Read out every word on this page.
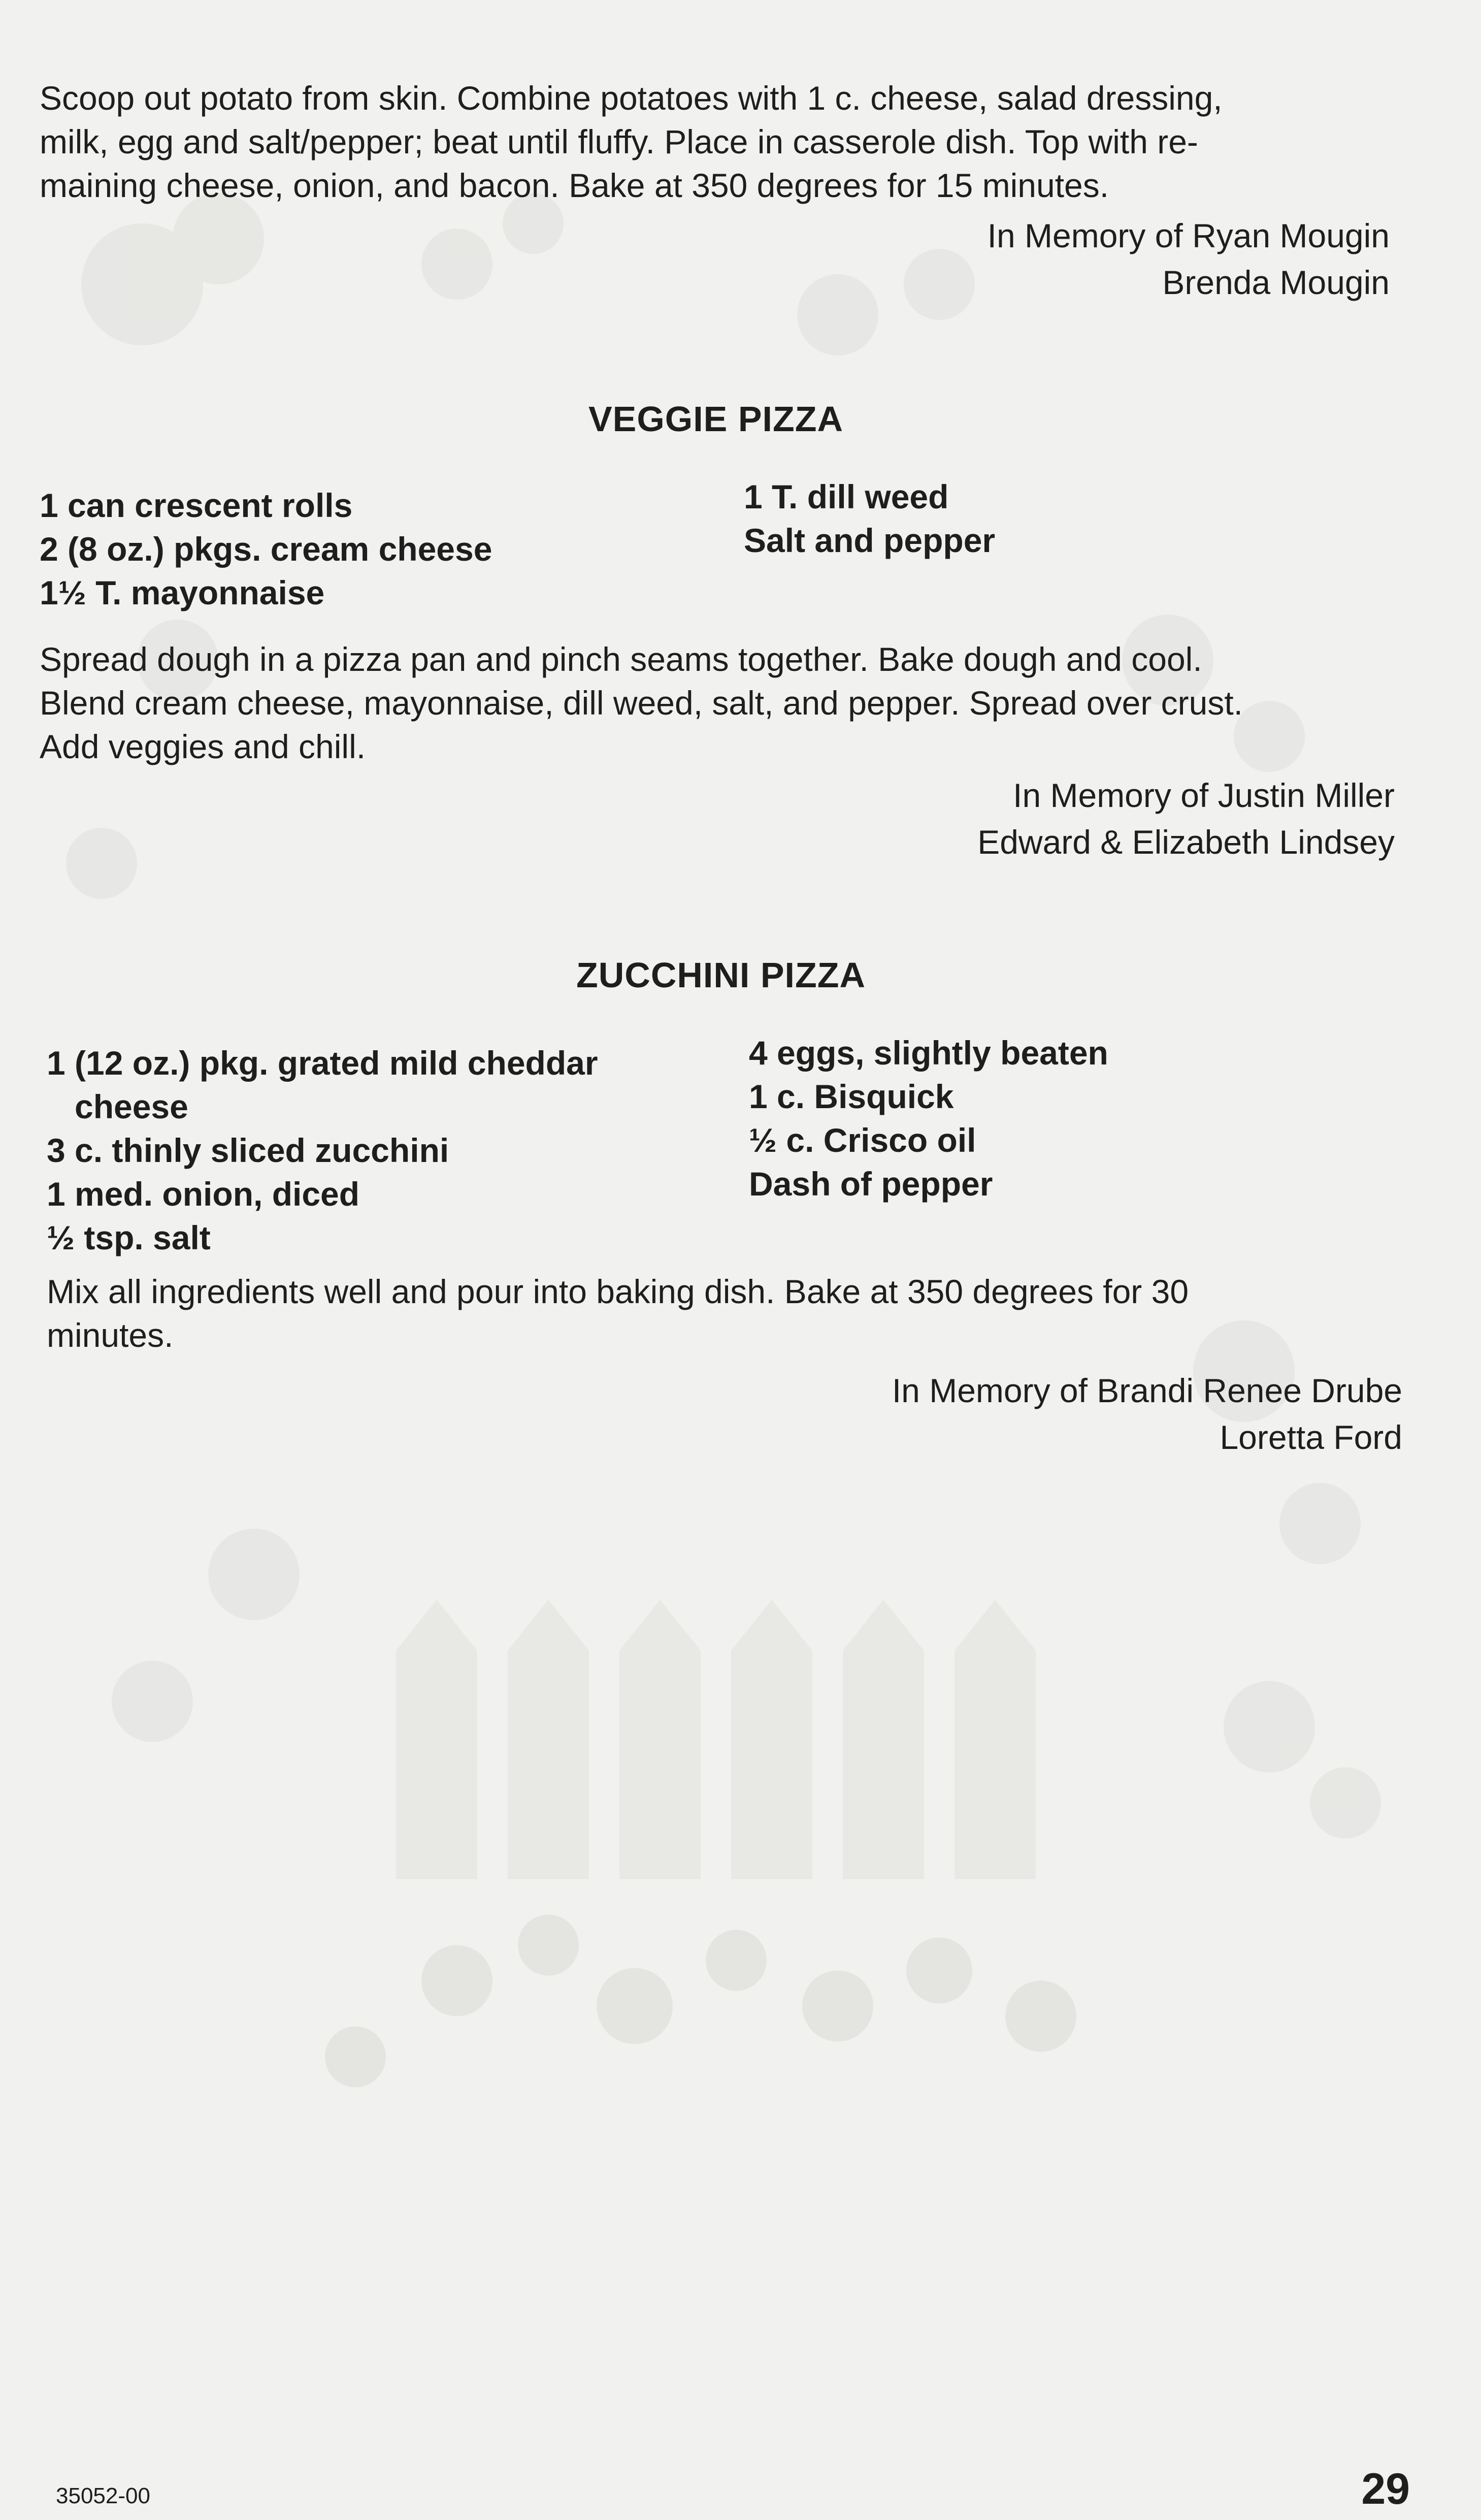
Scoop out potato from skin. Combine potatoes with 1 c. cheese, salad dressing,
milk, egg and salt/pepper; beat until fluffy. Place in casserole dish. Top with re-
maining cheese, onion, and bacon. Bake at 350 degrees for 15 minutes.

In Memory of Ryan Mougin
Brenda Mougin
VEGGIE PIZZA
1 can crescent rolls
2 (8 oz.) pkgs. cream cheese
1½ T. mayonnaise
1 T. dill weed
Salt and pepper

Spread dough in a pizza pan and pinch seams together. Bake dough and cool.
Blend cream cheese, mayonnaise, dill weed, salt, and pepper. Spread over crust.
Add veggies and chill.

In Memory of Justin Miller
Edward & Elizabeth Lindsey
ZUCCHINI PIZZA
1 (12 oz.) pkg. grated mild cheddar
cheese
3 c. thinly sliced zucchini
1 med. onion, diced
½ tsp. salt
4 eggs, slightly beaten
1 c. Bisquick
½ c. Crisco oil
Dash of pepper

Mix all ingredients well and pour into baking dish. Bake at 350 degrees for 30
minutes.

In Memory of Brandi Renee Drube
Loretta Ford
35052-00	29
